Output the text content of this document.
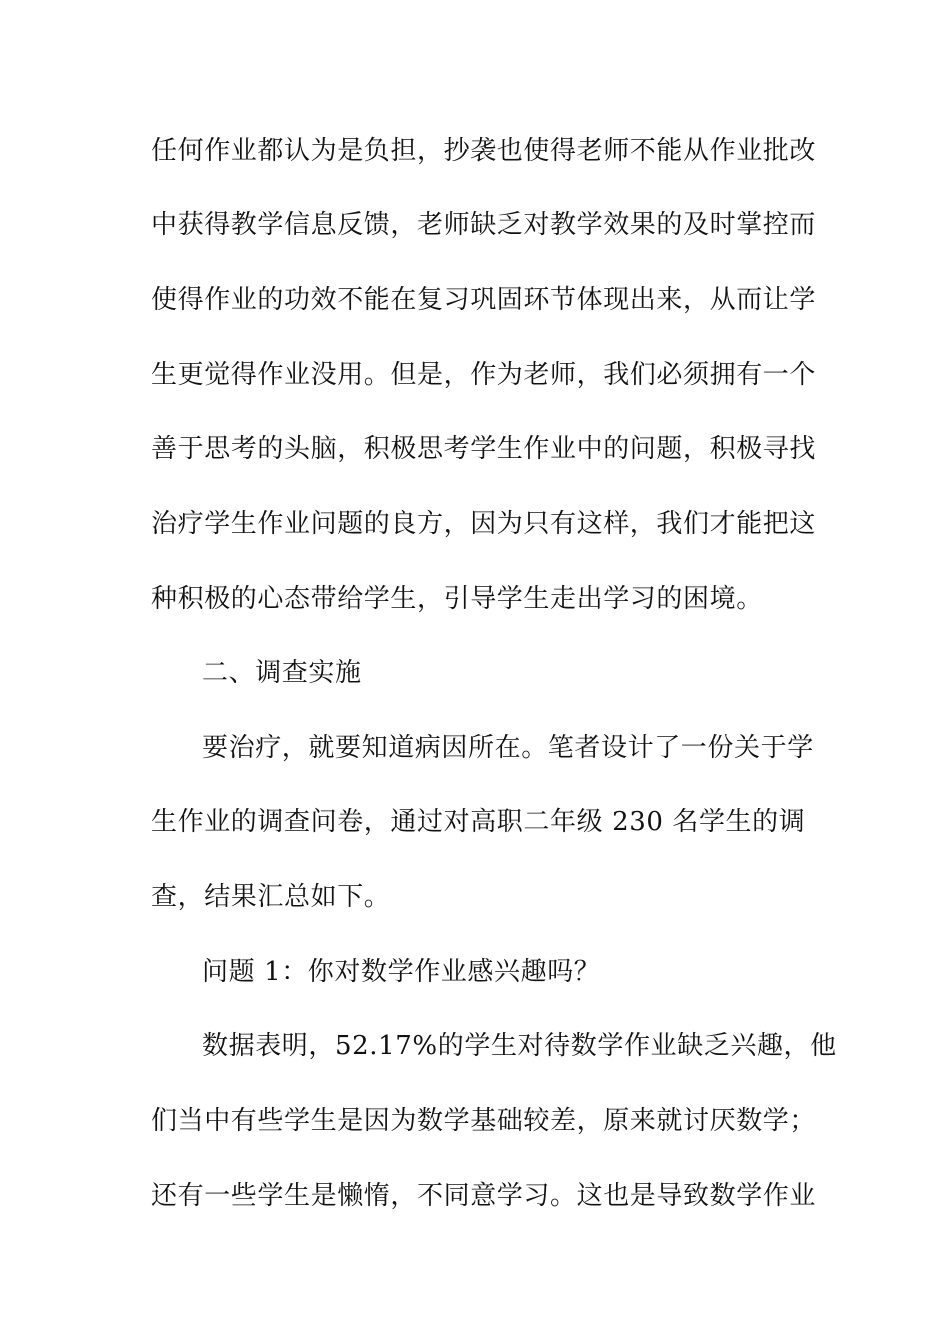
任何作业都认为是负担，抄袭也使得老师不能从作业批改
中获得教学信息反馈，老师缺乏对教学效果的及时掌控而
使得作业的功效不能在复习巩固环节体现出来，从而让学
生更觉得作业没用。但是，作为老师，我们必须拥有一个
善于思考的头脑，积极思考学生作业中的问题，积极寻找
治疗学生作业问题的良方，因为只有这样，我们才能把这
种积极的心态带给学生，引导学生走出学习的困境。
二、调查实施
要治疗，就要知道病因所在。笔者设计了一份关于学
生作业的调查问卷，通过对高职二年级 230 名学生的调
查，结果汇总如下。
问题 1：你对数学作业感兴趣吗？
数据表明，52.17%的学生对待数学作业缺乏兴趣，他
们当中有些学生是因为数学基础较差，原来就讨厌数学；
还有一些学生是懒惰，不同意学习。这也是导致数学作业
